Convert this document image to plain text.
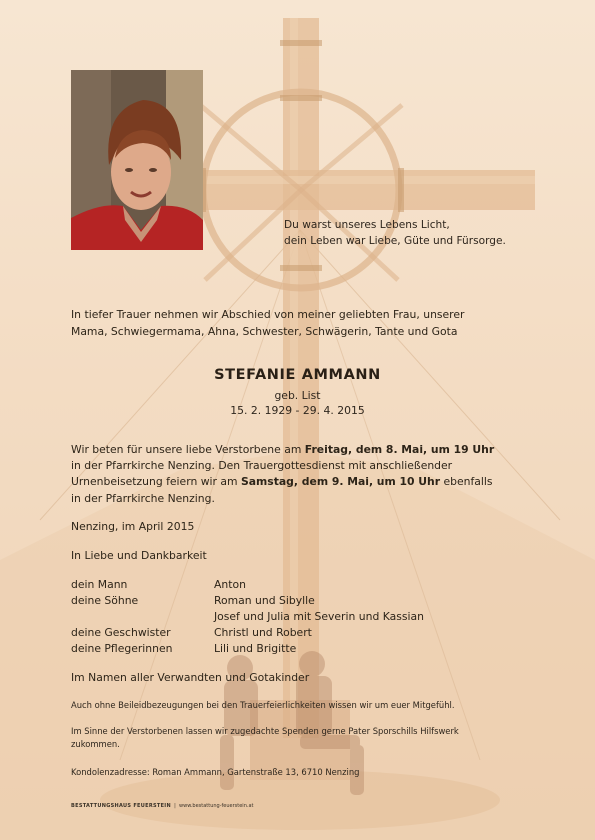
Du warst unseres Lebens Licht,
dein Leben war Liebe, Güte und Fürsorge.

In tiefer Trauer nehmen wir Abschied von meiner geliebten Frau, unserer
Mama, Schwiegermama, Ahna, Schwester, Schwägerin, Tante und Gota

STEFANIE AMMANN

geb. List

15. 2. 1929 - 29. 4. 2015

Wir beten für unsere liebe Verstorbene am Freitag, dem 8. Mai, um 19 Uhr
in der Pfarrkirche Nenzing. Den Trauergottesdienst mit anschließender
Urnenbeisetzung feiern wir am Samstag, dem 9. Mai, um 10 Uhr ebenfalls
in der Pfarrkirche Nenzing.

Nenzing, im April 2015

In Liebe und Dankbarkeit

dein Mann	Anton
deine Söhne	Roman und Sibylle
Josef und Julia mit Severin und Kassian
deine Geschwister	Christl und Robert
deine Pflegerinnen	Lili und Brigitte

Im Namen aller Verwandten und Gotakinder

Auch ohne Beileidbezeugungen bei den Trauerfeierlichkeiten wissen wir um euer Mitgefühl.

Im Sinne der Verstorbenen lassen wir zugedachte Spenden gerne Pater Sporschills Hilfswerk
zukommen.

Kondolenzadresse: Roman Ammann, Gartenstraße 13, 6710 Nenzing

BESTATTUNGSHAUS FEUERSTEIN | www.bestattung-feuerstein.at
